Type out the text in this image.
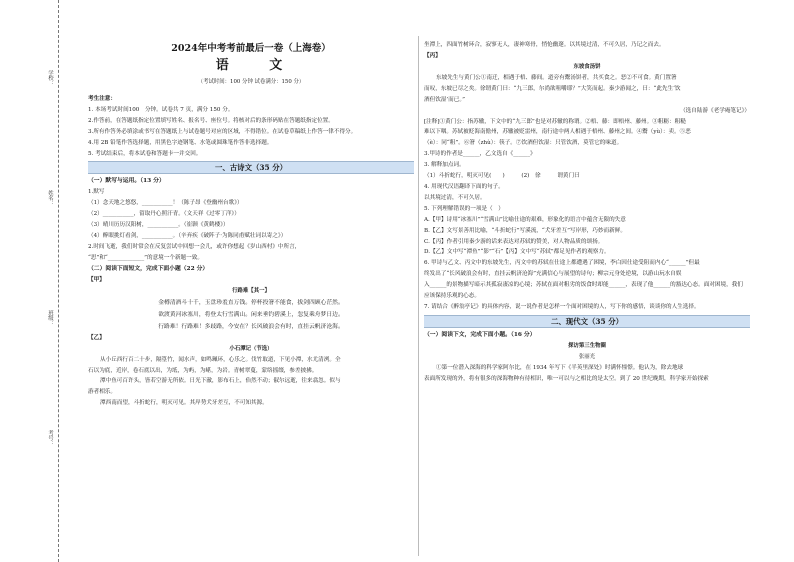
学校：
姓名：
班级：
考号：
2024年中考考前最后一卷（上海卷）
语 文
（考试时间：100 分钟 试卷满分：150 分）
考生注意：
1. 本场考试时间100　分钟。试卷共 7 页，满分 150 分。
2.作答前，在答题纸指定位置填写姓名、报名号、座位号。将核对后的条形码贴在答题纸指定位置。
3.所有作答务必填涂或书写在答题纸上与试卷题号对应的区域，不得错位。在试卷草稿纸上作答一律不得分。
4.用 2B 铅笔作答选择题，用黑色字迹钢笔、水笔或圆珠笔作答非选择题。
5. 考试结束后，将本试卷和答题卡一并交回。
一、古诗文（35 分）
（一）默写与运用。（13 分）
1.默写
（1）念天地之悠悠，___________！（陈子昂《登幽州台歌》）
（2）___________，留取丹心照汗青。（文天祥《过零丁洋》）
（3）晴川历历汉阳树，___________。（崔颢《黄鹤楼》）
（4）醉眼挑灯看剑，___________。（辛弃疾《破阵子·为陈同甫赋壮词以寄之》）
2.时间飞逝，我们时常会在反复尝试中回想一会儿，或许你想起《岁山西村》中所言，
“思”和“_____________”的意境一个新题一致。
（二）阅读下面短文，完成下面小题（22 分）
【甲】
行路难【其一】
金樽清酒斗十千，玉盘珍羞直万钱。停杯投箸不能食，拔剑四顾心茫然。
欲渡黄河冰塞川，将登太行雪满山。闲来垂钓碧溪上，忽复乘舟梦日边。
行路难！行路难！多歧路，今安在？长风破浪会有时，直挂云帆济沧海。
【乙】
小石潭记（节选）
从小丘西行百二十步，隔篁竹，闻水声，如鸣珮环，心乐之。伐竹取道，下见小潭，水尤清冽。全
石以为底，近岸，卷石底以出，为坻，为屿，为嵁，为岩。青树翠蔓，蒙络摇缀，参差披拂。
潭中鱼可百许头，皆若空游无所依。日光下澈，影布石上，佁然不动；俶尔远逝，往来翕忽。似与
游者相乐。
潭西南而望，斗折蛇行，明灭可见。其岸势犬牙差互，不可知其源。
坐潭上，四面竹树环合，寂寥无人，凄神寒骨，悄怆幽邃。以其境过清，不可久居，乃记之而去。
【丙】
东坡食汤饼
东坡先生与黄门公①南迁，相遇于梧、藤间。道旁有鬻汤饼者，共买食之。恶②不可食。黄门置箸
而叹，东坡已尽之矣。徐谓黄门曰：“九三郎，尔尚欲咀嚼耶？”大笑而起。秦少游闻之，曰：“此先生‘饮
酒但饮湿’而已。”
（选自陆游《老学庵笔记》）
[注释]①黄门公：指苏辙，下文中的“九三郎”也是对苏辙的称谓。②梧、藤：即梧州、藤州。③粗粝：粗糙
难以下咽。苏轼被贬海南儋州，苏辙被贬雷州，南行途中两人相遇于梧州、藤州之间。④鬻（yù）：卖。⑤恶
（è）：同“粗”。⑥箸（zhù）：筷子。⑦饮酒但饮湿：只管饮酒，莫管它的味道。
3.甲诗的作者是______，乙文选自《______》
3. 解释加点词。
（1）斗折蛇行，明灭可见(　　)　　　(2)　徐　　　谓黄门曰
4. 用现代汉语翻译下面的句子。
以其境过清，不可久居。
5. 下列理解错误的一项是（　）
A.【甲】诗用“冰塞川”“雪满山”比喻仕途的艰难，形象化的语言中蕴含无限的失意
B.【乙】文写景善用比喻，“斗折蛇行”写溪流，“犬牙差互”写岸形，巧妙而新鲜。
C.【丙】作者引用秦少游的话来表达对苏轼的赞美，对人物品质的颂扬。
D.【乙】文中写“潭鱼”“影”“石”【丙】文中写“苏轼”都足见作者的观察力。
6. 甲诗与乙文、丙文中的东坡先生，丙文中的苏轼在仕途上都遭遇了困境，李白因仕途受阻而内心“______”但最
终发出了“长风破浪会有时，直挂云帆济沧海”充满信心与展望的诗句；柳宗元身处逆境，以游山玩水自娱
入______的景物描写暗示其孤寂凄凉的心境；苏轼在面对粗劣的饭食时却能______，表现了他______的豁达心态。面对困境，我们
应该保持乐观的心态。
7. 请结合《醉翁亭记》的具体内容，说一说作者是怎样一个面对困境的人，写下你的感悟，谈谈你的人生选择。
二、现代文（35 分）
（一）阅读下文，完成下面小题。（16 分）
探访第三生物圈
张丽光
①第一位潜入深海的科学家阿尔比，在 1934 年写下《半英里深处》时满怀憧憬。他认为，除去地球
表面所发现的外，将有很多的深海物种有待相识，唯一可以与之相比的是太空。到了 20 世纪晚期，科学家开始探索
